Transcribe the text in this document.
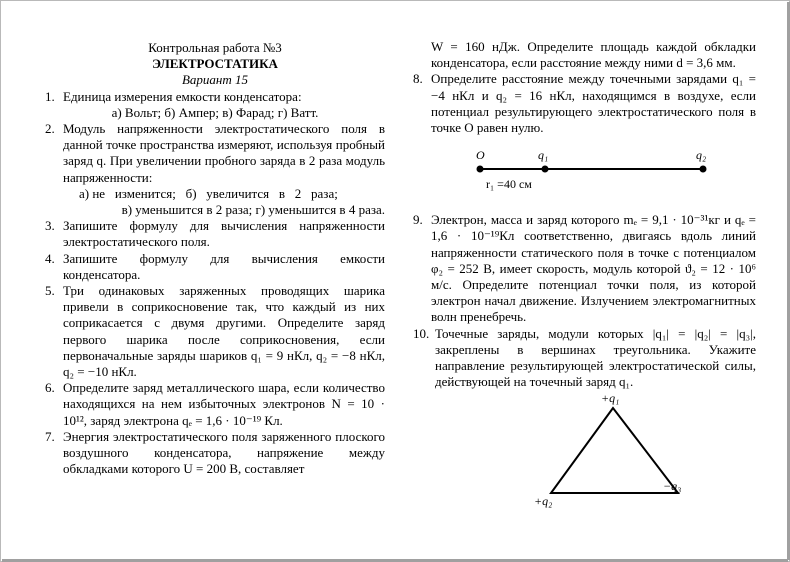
Контрольная работа №3

ЭЛЕКТРОСТАТИКА

Вариант 15

1. Единица измерения емкости конденсатора:

а) Вольт; б) Ампер; в) Фарад; г) Ватт.

2. Модуль напряженности электростатического поля в данной точке пространства измеряют, используя пробный заряд q. При увеличении пробного заряда в 2 раза модуль напряженности:

а) не   изменится;   б)   увеличится   в   2   раза;

в) уменьшится в 2 раза; г) уменьшится в 4 раза.

3. Запишите формулу для вычисления напряженности электростатического поля.
4. Запишите формулу для вычисления емкости конденсатора.
5. Три одинаковых заряженных проводящих шарика привели в соприкосновение так, что каждый из них соприкасается с двумя другими. Определите заряд первого шарика после соприкосновения, если первоначальные заряды шариков q₁ = 9 нКл, q₂ = −8 нКл, q₂ = −10 нКл.
6. Определите заряд металлического шара, если количество находящихся на нем избыточных электронов N = 10 · 10¹², заряд электрона qₑ = 1,6 · 10⁻¹⁹ Кл.
7. Энергия электростатического поля заряженного плоского воздушного конденсатора, напряжение между обкладками которого U = 200 В, составляет
W = 160 нДж. Определите площадь каждой обкладки конденсатора, если расстояние между ними d = 3,6 мм.
8. Определите расстояние между точечными зарядами q₁ = −4 нКл и q₂ = 16 нКл, находящимся в воздухе, если потенциал результирующего электростатического поля в точке О равен нулю.
O	q₁	q₂
r₁ =40 см
9. Электрон, масса и заряд которого mₑ = 9,1 · 10⁻³¹кг и qₑ = 1,6 · 10⁻¹⁹Кл соответственно, двигаясь вдоль линий напряженности статического поля в точке с потенциалом φ₂ = 252 В, имеет скорость, модуль которой ϑ₂ = 12 · 10⁶ м/с. Определите потенциал точки поля, из которой электрон начал движение. Излучением электромагнитных волн пренебречь.
10. Точечные заряды, модули которых |q₁| = |q₂| = |q₃|, закреплены в вершинах треугольника. Укажите направление результирующей электростатической силы, действующей на точечный заряд q₁.
+q₁
+q₂
−q₃
